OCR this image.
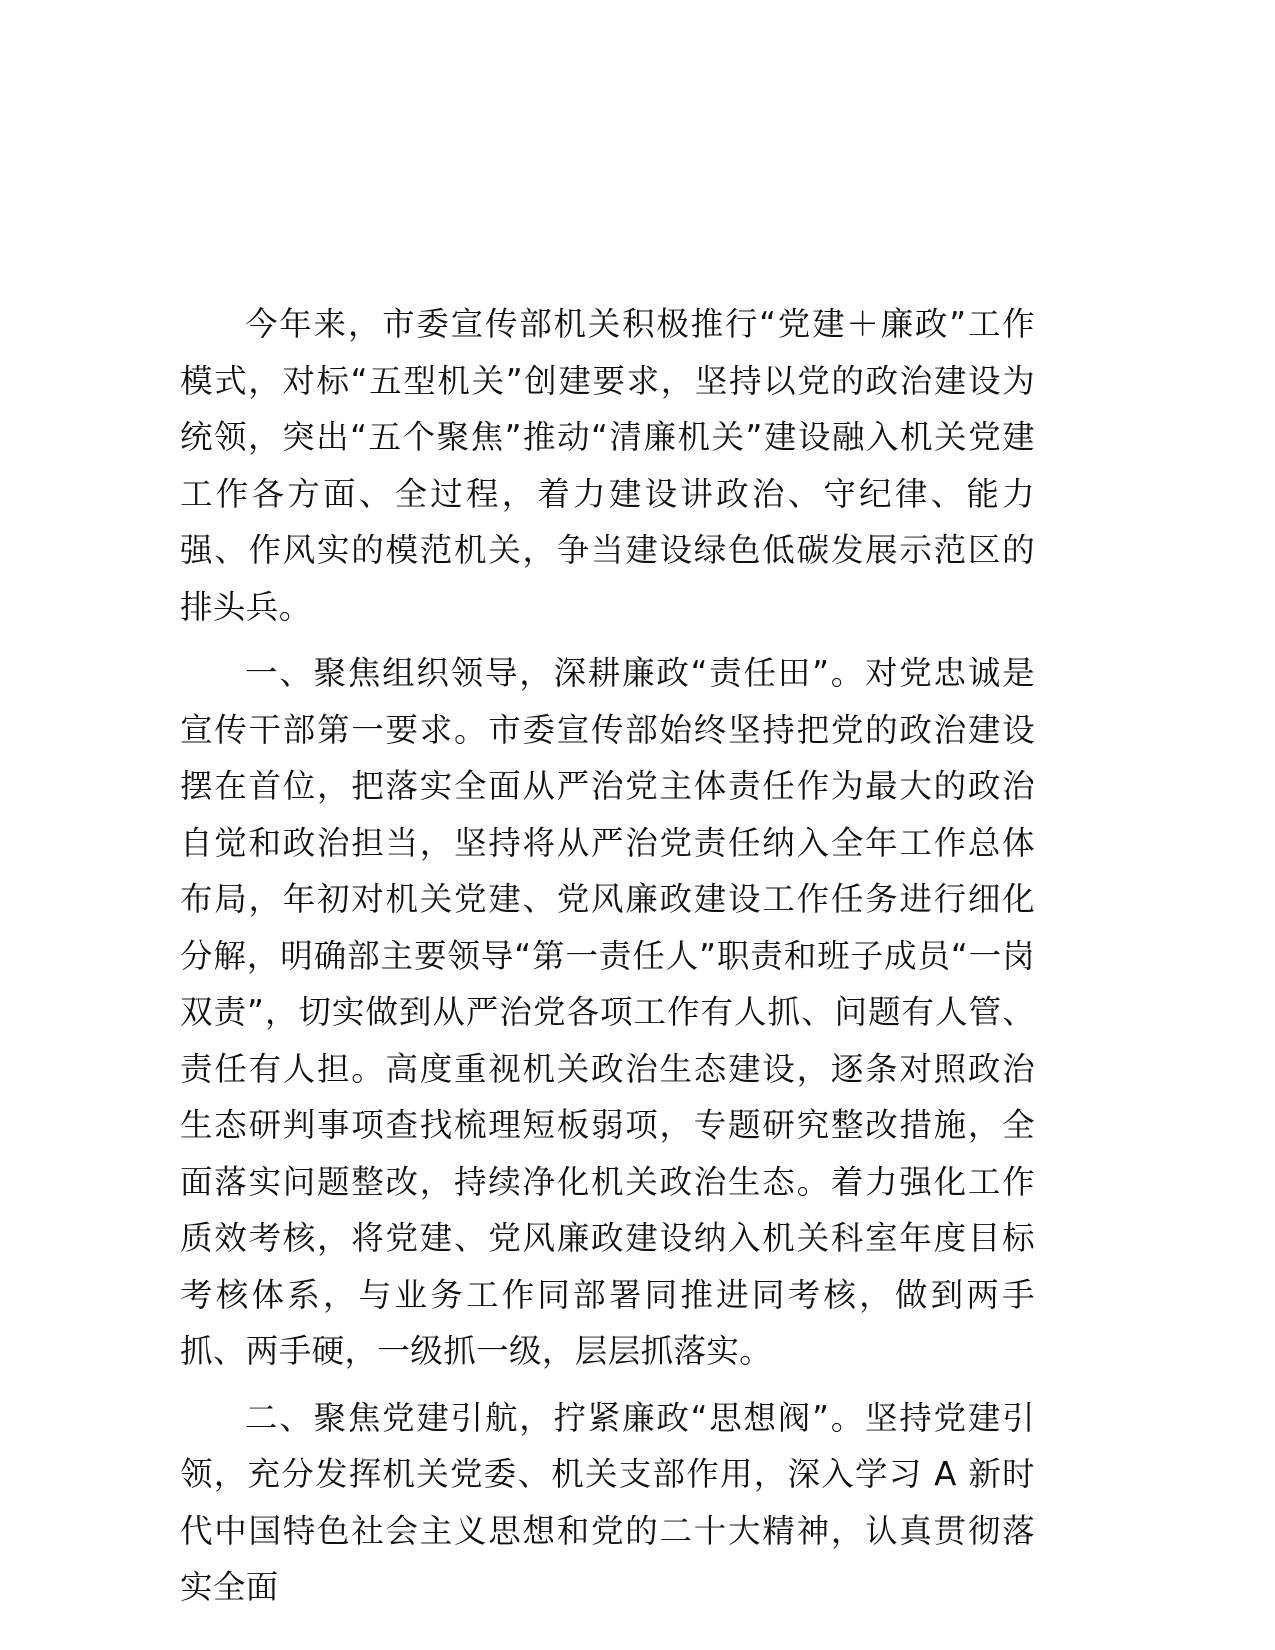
今年来，市委宣传部机关积极推行“党建＋廉政”工作模式，对标“五型机关”创建要求，坚持以党的政治建设为统领，突出“五个聚焦”推动“清廉机关”建设融入机关党建工作各方面、全过程，着力建设讲政治、守纪律、能力强、作风实的模范机关，争当建设绿色低碳发展示范区的排头兵。

一、聚焦组织领导，深耕廉政“责任田”。对党忠诚是宣传干部第一要求。市委宣传部始终坚持把党的政治建设摆在首位，把落实全面从严治党主体责任作为最大的政治自觉和政治担当，坚持将从严治党责任纳入全年工作总体布局，年初对机关党建、党风廉政建设工作任务进行细化分解，明确部主要领导“第一责任人”职责和班子成员“一岗双责”，切实做到从严治党各项工作有人抓、问题有人管、责任有人担。高度重视机关政治生态建设，逐条对照政治生态研判事项查找梳理短板弱项，专题研究整改措施，全面落实问题整改，持续净化机关政治生态。着力强化工作质效考核，将党建、党风廉政建设纳入机关科室年度目标考核体系，与业务工作同部署同推进同考核，做到两手抓、两手硬，一级抓一级，层层抓落实。

二、聚焦党建引航，拧紧廉政“思想阀”。坚持党建引领，充分发挥机关党委、机关支部作用，深入学习 A 新时代中国特色社会主义思想和党的二十大精神，认真贯彻落实全面
